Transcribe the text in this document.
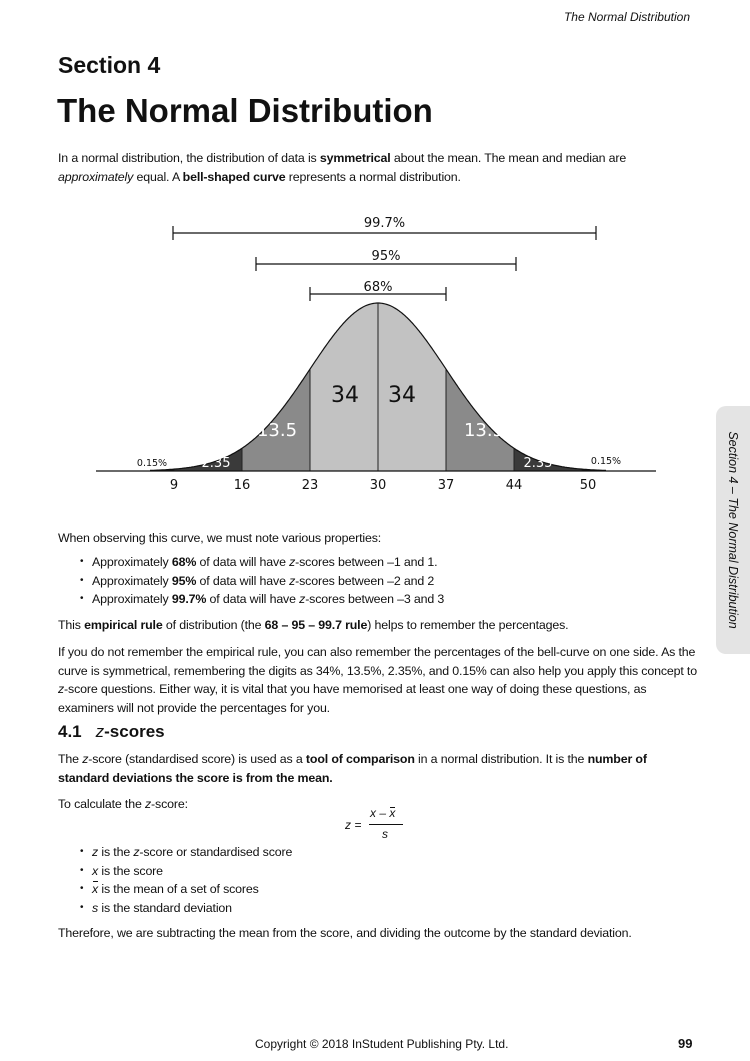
The Normal Distribution
Section 4
The Normal Distribution

In a normal distribution, the distribution of data is symmetrical about the mean. The mean and median are approximately equal. A bell-shaped curve represents a normal distribution.

9	16	23	30	37	44	50
0.15%	2.35
13.5
34 34
13.5
2.35	0.15%
99.7%
95%
68%

When observing this curve, we must note various properties:

• Approximately 68% of data will have z-scores between –1 and 1.
• Approximately 95% of data will have z-scores between –2 and 2
• Approximately 99.7% of data will have z-scores between –3 and 3

This empirical rule of distribution (the 68 – 95 – 99.7 rule) helps to remember the percentages.

If you do not remember the empirical rule, you can also remember the percentages of the bell-curve on one side. As the curve is symmetrical, remembering the digits as 34%, 13.5%, 2.35%, and 0.15% can also help you apply this concept to z-score questions. Either way, it is vital that you have memorised at least one way of doing these questions, as examiners will not provide the percentages for you.

4.1 z-scores

The z-score (standardised score) is used as a tool of comparison in a normal distribution. It is the number of standard deviations the score is from the mean.

To calculate the z-score:

z =
x – x
s
• z is the z-score or standardised score
• x is the score
• x is the mean of a set of scores
• s is the standard deviation

Therefore, we are subtracting the mean from the score, and dividing the outcome by the standard deviation.

Section 4 – The Normal Distribution
Copyright © 2018 InStudent Publishing Pty. Ltd.	99
